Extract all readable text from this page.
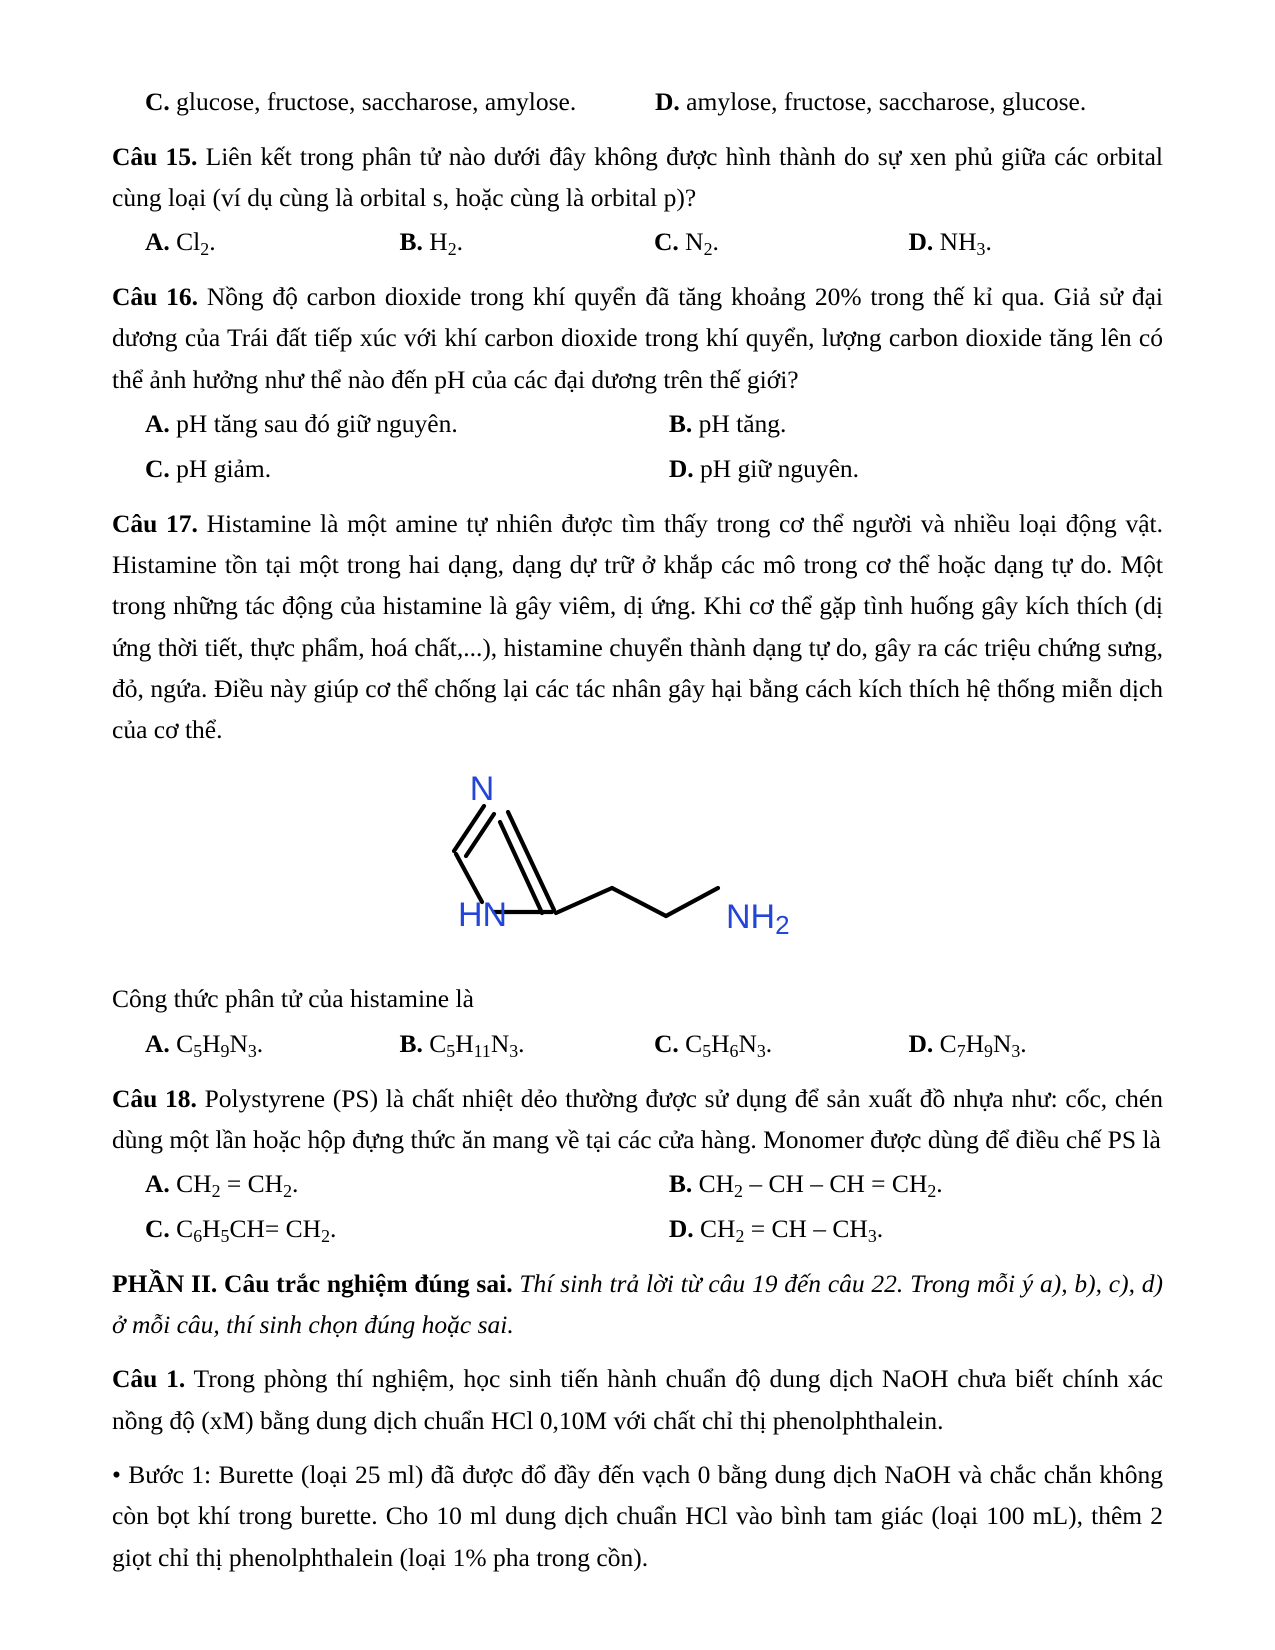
C. glucose, fructose, saccharose, amylose.	D. amylose, fructose, saccharose, glucose.

Câu 15. Liên kết trong phân tử nào dưới đây không được hình thành do sự xen phủ giữa các orbital cùng loại (ví dụ cùng là orbital s, hoặc cùng là orbital p)?

A. $Cl_2$.	B. $H_2$.	C. $N_2$.	D. $NH_3$.

Câu 16. Nồng độ carbon dioxide trong khí quyển đã tăng khoảng 20% trong thế kỉ qua. Giả sử đại dương của Trái đất tiếp xúc với khí carbon dioxide trong khí quyển, lượng carbon dioxide tăng lên có thể ảnh hưởng như thể nào đến pH của các đại dương trên thế giới?

A. pH tăng sau đó giữ nguyên.	B. pH tăng.
C. pH giảm.	D. pH giữ nguyên.

Câu 17. Histamine là một amine tự nhiên được tìm thấy trong cơ thể người và nhiều loại động vật. Histamine tồn tại một trong hai dạng, dạng dự trữ ở khắp các mô trong cơ thể hoặc dạng tự do. Một trong những tác động của histamine là gây viêm, dị ứng. Khi cơ thể gặp tình huống gây kích thích (dị ứng thời tiết, thực phẩm, hoá chất,...), histamine chuyển thành dạng tự do, gây ra các triệu chứng sưng, đỏ, ngứa. Điều này giúp cơ thể chống lại các tác nhân gây hại bằng cách kích thích hệ thống miễn dịch của cơ thể.

N
HN	NH2

Công thức phân tử của histamine là

A. $C_5H_9N_3$.	B. $C_5H_{11}N_3$.	C. $C_5H_6N_3$.	D. $C_7H_9N_3$.

Câu 18. Polystyrene (PS) là chất nhiệt dẻo thường được sử dụng để sản xuất đồ nhựa như: cốc, chén dùng một lần hoặc hộp đựng thức ăn mang về tại các cửa hàng. Monomer được dùng để điều chế PS là

A. $CH_2 = CH_2$.	B. $CH_2$ – CH – CH = $CH_2$.
C. $C_6H_5CH= CH_2$.	D. $CH_2$ = CH – $CH_3$.

PHẦN II. Câu trắc nghiệm đúng sai. Thí sinh trả lời từ câu 19 đến câu 22. Trong mỗi ý a), b), c), d) ở mỗi câu, thí sinh chọn đúng hoặc sai.

Câu 1. Trong phòng thí nghiệm, học sinh tiến hành chuẩn độ dung dịch NaOH chưa biết chính xác nồng độ (xM) bằng dung dịch chuẩn HCl 0,10M với chất chỉ thị phenolphthalein.

• Bước 1: Burette (loại 25 ml) đã được đổ đầy đến vạch 0 bằng dung dịch NaOH và chắc chắn không còn bọt khí trong burette. Cho 10 ml dung dịch chuẩn HCl vào bình tam giác (loại 100 mL), thêm 2 giọt chỉ thị phenolphthalein (loại 1% pha trong cồn).
